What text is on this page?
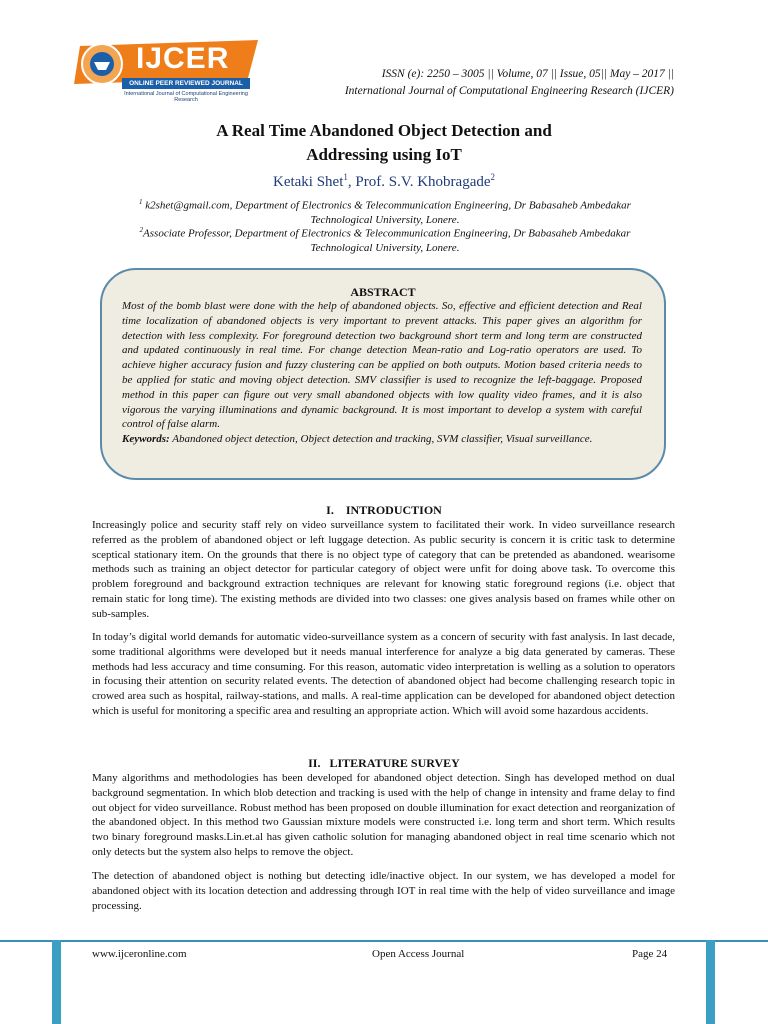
IJCER
ONLINE PEER REVIEWED JOURNAL
International Journal of Computational Engineering Research
ISSN (e): 2250 – 3005 || Volume, 07 || Issue, 05|| May – 2017 ||
International Journal of Computational Engineering Research (IJCER)
A Real Time Abandoned Object Detection and
Addressing using IoT
Ketaki Shet$^1$, Prof. S.V. Khobragade$^2$
$^1$ k2shet@gmail.com, Department of Electronics & Telecommunication Engineering, Dr Babasaheb Ambedakar
Technological University, Lonere.
$^2$Associate Professor, Department of Electronics & Telecommunication Engineering, Dr Babasaheb Ambedakar
Technological University, Lonere.
ABSTRACT
Most of the bomb blast were done with the help of abandoned objects. So, effective and efficient detection and Real time localization of abandoned objects is very important to prevent attacks. This paper gives an algorithm for detection with less complexity. For foreground detection two background short term and long term are constructed and updated continuously in real time. For change detection Mean-ratio and Log-ratio operators are used. To achieve higher accuracy fusion and fuzzy clustering can be applied on both outputs. Motion based criteria needs to be applied for static and moving object detection. SMV classifier is used to recognize the left-baggage. Proposed method in this paper can figure out very small abandoned objects with low quality video frames, and it is also vigorous the varying illuminations and dynamic background. It is most important to develop a system with careful control of false alarm.
Keywords: Abandoned object detection, Object detection and tracking, SVM classifier, Visual surveillance.
I.    INTRODUCTION
Increasingly police and security staff rely on video surveillance system to facilitated their work. In video surveillance research referred as the problem of abandoned object or left luggage detection. As public security is concern it is critic task to determine sceptical stationary item. On the grounds that there is no object type of category that can be pretended as abandoned. wearisome methods such as training an object detector for particular category of object were unfit for doing above task. To overcome this problem foreground and background extraction techniques are relevant for knowing static foreground regions (i.e. object that remain static for long time). The existing methods are divided into two classes: one gives analysis based on frames while other on sub-samples.
In today’s digital world demands for automatic video-surveillance system as a concern of security with fast analysis. In last decade, some traditional algorithms were developed but it needs manual interference for analyze a big data generated by cameras. These methods had less accuracy and time consuming. For this reason, automatic video interpretation is welling as a solution to operators in focusing their attention on security related events. The detection of abandoned object had become challenging research topic in crowed area such as hospital, railway-stations, and malls. A real-time application can be developed for abandoned object detection which is useful for monitoring a specific area and resulting an appropriate action. Which will avoid some hazardous accidents.
II.   LITERATURE SURVEY
Many algorithms and methodologies has been developed for abandoned object detection. Singh has developed method on dual background segmentation. In which blob detection and tracking is used with the help of change in intensity and frame delay to find out object for video surveillance. Robust method has been proposed on double illumination for exact detection and reorganization of the abandoned object. In this method two Gaussian mixture models were constructed i.e. long term and short term. Which results two binary foreground masks.Lin.et.al has given catholic solution for managing abandoned object in real time scenario which not only detects but the system also helps to remove the object.
The detection of abandoned object is nothing but detecting idle/inactive object. In our system, we has developed a model for abandoned object with its location detection and addressing through IOT in real time with the help of video surveillance and image processing.
www.ijceronline.com	Open Access Journal	Page 24
